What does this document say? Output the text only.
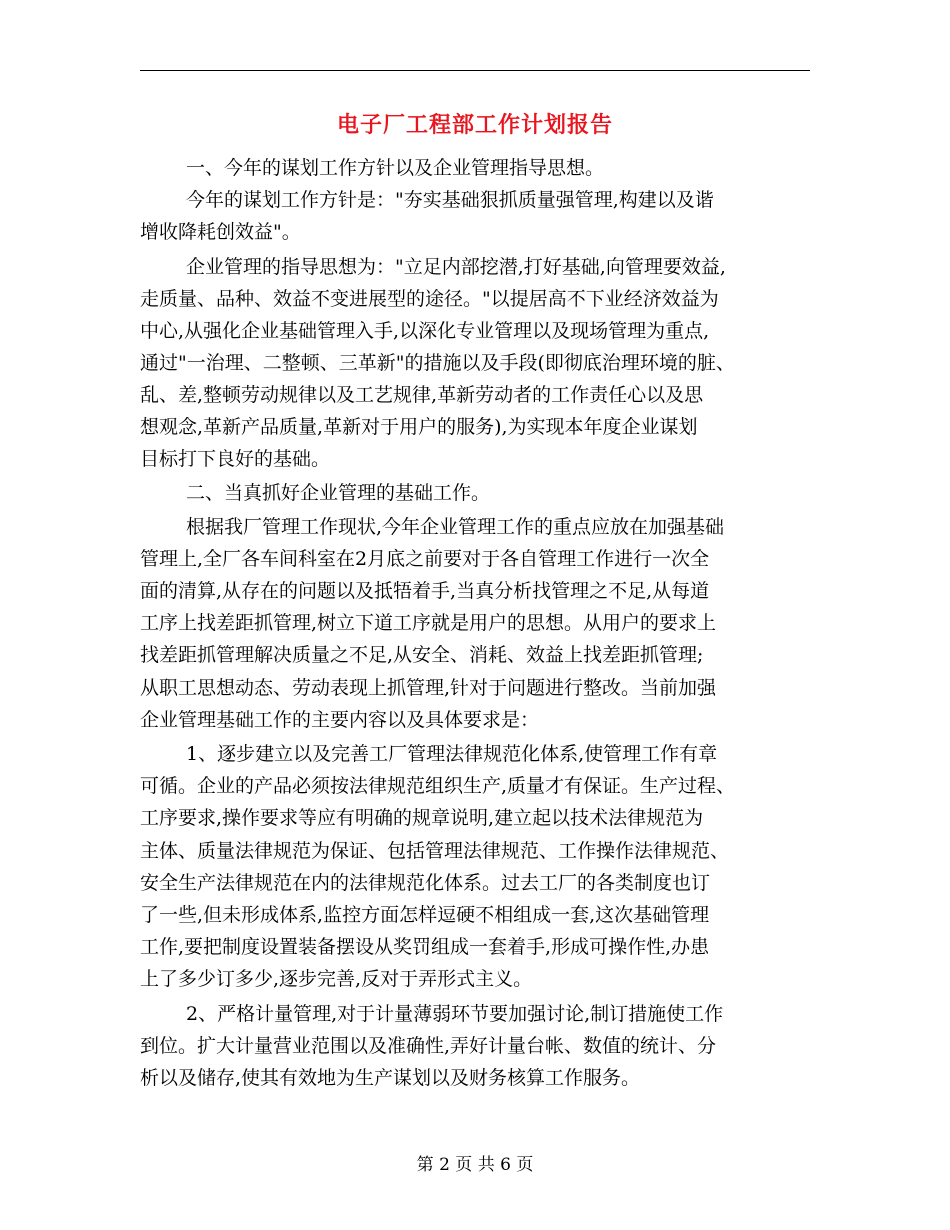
电子厂工程部工作计划报告
一、今年的谋划工作方针以及企业管理指导思想。
今年的谋划工作方针是："夯实基础狠抓质量强管理,构建以及谐
增收降耗创效益"。
企业管理的指导思想为："立足内部挖潜,打好基础,向管理要效益,
走质量、品种、效益不变进展型的途径。"以提居高不下业经济效益为
中心,从强化企业基础管理入手,以深化专业管理以及现场管理为重点,
通过"一治理、二整顿、三革新"的措施以及手段(即彻底治理环境的脏、
乱、差,整顿劳动规律以及工艺规律,革新劳动者的工作责任心以及思
想观念,革新产品质量,革新对于用户的服务),为实现本年度企业谋划
目标打下良好的基础。
二、当真抓好企业管理的基础工作。
根据我厂管理工作现状,今年企业管理工作的重点应放在加强基础
管理上,全厂各车间科室在2月底之前要对于各自管理工作进行一次全
面的清算,从存在的问题以及抵牾着手,当真分析找管理之不足,从每道
工序上找差距抓管理,树立下道工序就是用户的思想。从用户的要求上
找差距抓管理解决质量之不足,从安全、消耗、效益上找差距抓管理;
从职工思想动态、劳动表现上抓管理,针对于问题进行整改。当前加强
企业管理基础工作的主要内容以及具体要求是：
1、逐步建立以及完善工厂管理法律规范化体系,使管理工作有章
可循。企业的产品必须按法律规范组织生产,质量才有保证。生产过程、
工序要求,操作要求等应有明确的规章说明,建立起以技术法律规范为
主体、质量法律规范为保证、包括管理法律规范、工作操作法律规范、
安全生产法律规范在内的法律规范化体系。过去工厂的各类制度也订
了一些,但未形成体系,监控方面怎样逗硬不相组成一套,这次基础管理
工作,要把制度设置装备摆设从奖罚组成一套着手,形成可操作性,办患
上了多少订多少,逐步完善,反对于弄形式主义。
2、严格计量管理,对于计量薄弱环节要加强讨论,制订措施使工作
到位。扩大计量营业范围以及准确性,弄好计量台帐、数值的统计、分
析以及储存,使其有效地为生产谋划以及财务核算工作服务。
第 2 页 共 6 页
